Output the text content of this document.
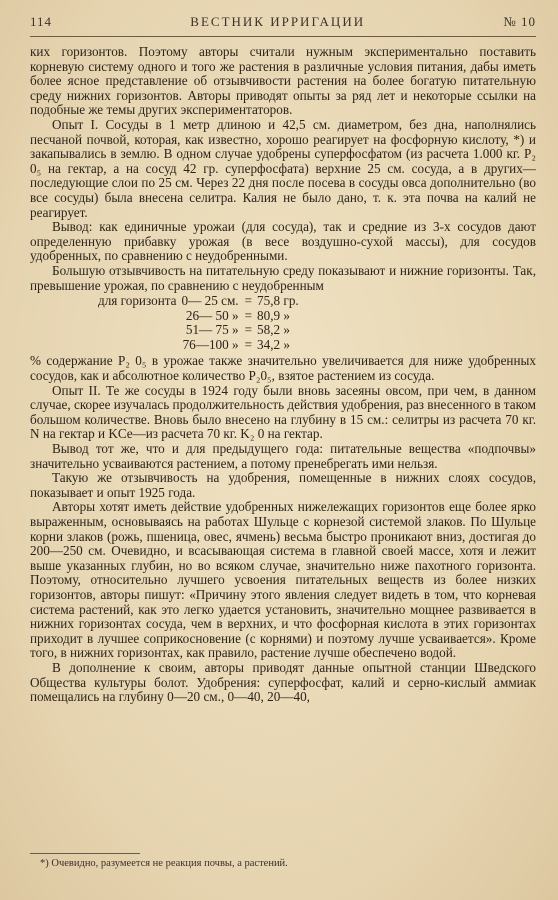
114	ВЕСТНИК ИРРИГАЦИИ	№ 10

ких горизонтов. Поэтому авторы считали нужным экспериментально поставить корневую систему одного и того же растения в различные условия питания, дабы иметь более ясное представление об отзывчивости растения на более богатую питательную среду нижних горизонтов. Авторы приводят опыты за ряд лет и некоторые ссылки на подобные же темы других экспериментаторов.

Опыт I. Сосуды в 1 метр длиною и 42,5 см. диаметром, без дна, наполнялись песчаной почвой, которая, как известно, хорошо реагирует на фосфорную кислоту, *) и закапывались в землю. В одном случае удобрены суперфосфатом (из расчета 1.000 кг. P₂ 0₅ на гектар, а на сосуд 42 гр. суперфосфата) верхние 25 см. сосуда, а в других—последующие слои по 25 см. Через 22 дня после посева в сосуды овса дополнительно (во все сосуды) была внесена селитра. Калия не было дано, т. к. эта почва на калий не реагирует.

Вывод: как единичные урожаи (для сосуда), так и средние из 3-х сосудов дают определенную прибавку урожая (в весе воздушно-сухой массы), для сосудов удобренных, по сравнению с неудобренными.

Большую отзывчивость на питательную среду показывают и нижние горизонты. Так, превышение урожая, по сравнению с неудобренным

для горизонта	0— 25 см.	=	75,8 гр.
	26— 50 »	=	80,9 »
	51— 75 »	=	58,2 »
	76—100 »	=	34,2 »

% содержание P₂ 0₅ в урожае также значительно увеличивается для ниже удобренных сосудов, как и абсолютное количество P₂0₅, взятое растением из сосуда.

Опыт II. Те же сосуды в 1924 году были вновь засеяны овсом, при чем, в данном случае, скорее изучалась продолжительность действия удобрения, раз внесенного в таком большом количестве. Вновь было внесено на глубину в 15 см.: селитры из расчета 70 кг. N на гектар и KCe—из расчета 70 кг. K₂ 0 на гектар.

Вывод тот же, что и для предыдущего года: питательные вещества «подпочвы» значительно усваиваются растением, а потому пренебрегать ими нельзя.

Такую же отзывчивость на удобрения, помещенные в нижних слоях сосудов, показывает и опыт 1925 года.

Авторы хотят иметь действие удобренных нижележащих горизонтов еще более ярко выраженным, основываясь на работах Шульце с корнезой системой злаков. По Шульце корни злаков (рожь, пшеница, овес, ячмень) весьма быстро проникают вниз, достигая до 200—250 см. Очевидно, и всасывающая система в главной своей массе, хотя и лежит выше указанных глубин, но во всяком случае, значительно ниже пахотного горизонта. Поэтому, относительно лучшего усвоения питательных веществ из более низких горизонтов, авторы пишут: «Причину этого явления следует видеть в том, что корневая система растений, как это легко удается установить, значительно мощнее развивается в нижних горизонтах сосуда, чем в верхних, и что фосфорная кислота в этих горизонтах приходит в лучшее соприкосновение (с корнями) и поэтому лучше усваивается». Кроме того, в нижних горизонтах, как правило, растение лучше обеспечено водой.

В дополнение к своим, авторы приводят данные опытной станции Шведского Общества культуры болот. Удобрения: суперфосфат, калий и серно-кислый аммиак помещались на глубину 0—20 см., 0—40, 20—40,

*) Очевидно, разумеется не реакция почвы, а растений.
